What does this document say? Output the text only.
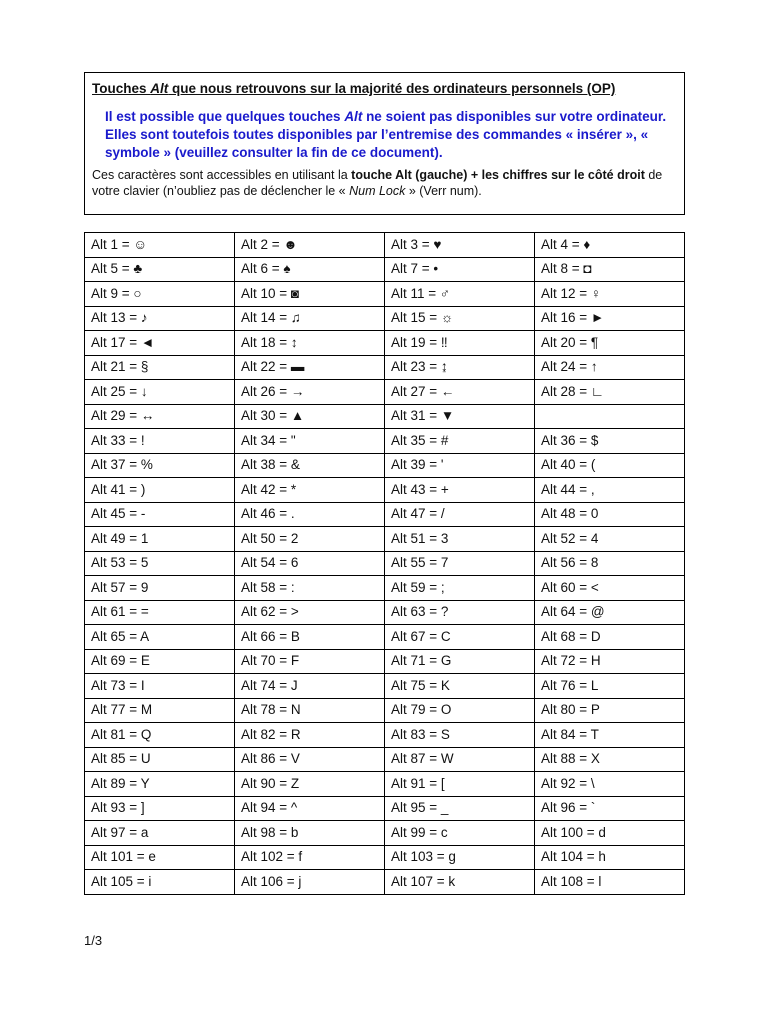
Touches Alt que nous retrouvons sur la majorité des ordinateurs personnels (OP)
Il est possible que quelques touches Alt ne soient pas disponibles sur votre ordinateur. Elles sont toutefois toutes disponibles par l’entremise des commandes « insérer », « symbole » (veuillez consulter la fin de ce document).
Ces caractères sont accessibles en utilisant la touche Alt (gauche) + les chiffres sur le côté droit de votre clavier (n’oubliez pas de déclencher le « Num Lock » (Verr num).
Alt 1 = ☺	Alt 2 = ☻	Alt 3 = ♥	Alt 4 = ♦
Alt 5 = ♣	Alt 6 = ♠	Alt 7 = •	Alt 8 = ◘
Alt 9 = ○	Alt 10 = ◙	Alt 11 = ♂	Alt 12 = ♀
Alt 13 = ♪	Alt 14 = ♫	Alt 15 = ☼	Alt 16 = ►
Alt 17 = ◄	Alt 18 = ↕	Alt 19 = ‼	Alt 20 = ¶
Alt 21 = §	Alt 22 = ▬	Alt 23 = ↨	Alt 24 = ↑
Alt 25 = ↓	Alt 26 = →	Alt 27 = ←	Alt 28 = ∟
Alt 29 = ↔	Alt 30 = ▲	Alt 31 = ▼	
Alt 33 = !	Alt 34 = "	Alt 35 = #	Alt 36 = $
Alt 37 = %	Alt 38 = &	Alt 39 = '	Alt 40 = (
Alt 41 = )	Alt 42 = *	Alt 43 = +	Alt 44 = ,
Alt 45 = -	Alt 46 = .	Alt 47 = /	Alt 48 = 0
Alt 49 = 1	Alt 50 = 2	Alt 51 = 3	Alt 52 = 4
Alt 53 = 5	Alt 54 = 6	Alt 55 = 7	Alt 56 = 8
Alt 57 = 9	Alt 58 = :	Alt 59 = ;	Alt 60 = <
Alt 61 = =	Alt 62 = >	Alt 63 = ?	Alt 64 = @
Alt 65 = A	Alt 66 = B	Alt 67 = C	Alt 68 = D
Alt 69 = E	Alt 70 = F	Alt 71 = G	Alt 72 = H
Alt 73 = I	Alt 74 = J	Alt 75 = K	Alt 76 = L
Alt 77 = M	Alt 78 = N	Alt 79 = O	Alt 80 = P
Alt 81 = Q	Alt 82 = R	Alt 83 = S	Alt 84 = T
Alt 85 = U	Alt 86 = V	Alt 87 = W	Alt 88 = X
Alt 89 = Y	Alt 90 = Z	Alt 91 = [	Alt 92 = \
Alt 93 = ]	Alt 94 = ^	Alt 95 = _	Alt 96 = `
Alt 97 = a	Alt 98 = b	Alt 99 = c	Alt 100 = d
Alt 101 = e	Alt 102 = f	Alt 103 = g	Alt 104 = h
Alt 105 = i	Alt 106 = j	Alt 107 = k	Alt 108 = l
1/3
